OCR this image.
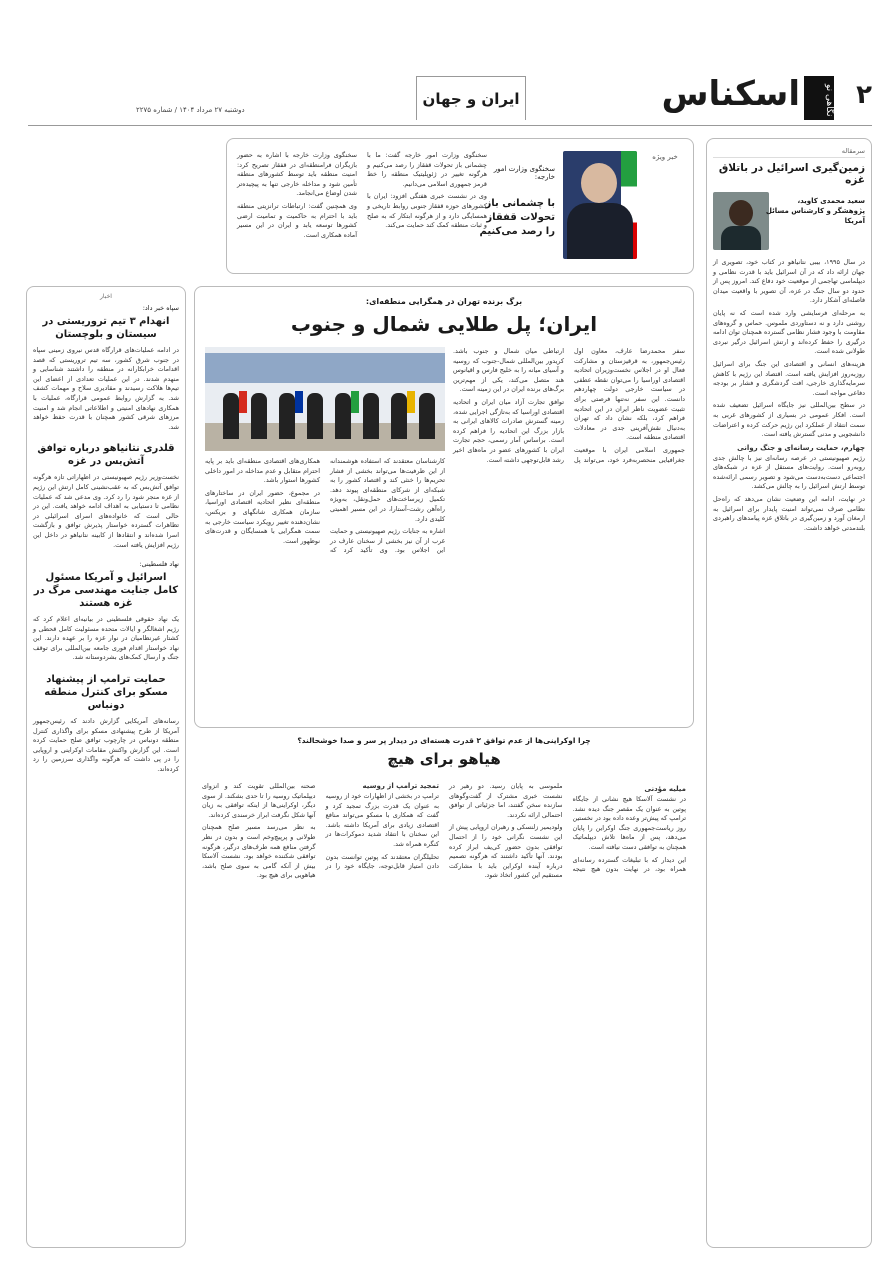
۲
نگاهی نو
اسکناس
ایران و جهان
دوشنبه ۲۷ مرداد ۱۴۰۴ / شماره ۲۲۷۵
سرمقاله
زمین‌گیری اسرائیل در باتلاق غزه
سعید محمدی کاوید، پژوهشگر و کارشناس مسائل آمریکا

در سال ۱۹۹۵، بیبی نتانیاهو در کتاب خود، تصویری از جهان ارائه داد که در آن اسرائیل باید با قدرت نظامی و دیپلماسی تهاجمی از موقعیت خود دفاع کند. امروز پس از حدود دو سال جنگ در غزه، آن تصویر با واقعیت میدان فاصله‌ای آشکار دارد.

به مرحله‌ای فرسایشی وارد شده است که نه پایان روشنی دارد و نه دستاوردی ملموس. حماس و گروه‌های مقاومت با وجود فشار نظامی گسترده همچنان توان ادامه درگیری را حفظ کرده‌اند و ارتش اسرائیل درگیر نبردی طولانی شده است.

هزینه‌های انسانی و اقتصادی این جنگ برای اسرائیل روزبه‌روز افزایش یافته است. اقتصاد این رژیم با کاهش سرمایه‌گذاری خارجی، افت گردشگری و فشار بر بودجه دفاعی مواجه است.

در سطح بین‌المللی نیز جایگاه اسرائیل تضعیف شده است. افکار عمومی در بسیاری از کشورهای غربی به سمت انتقاد از عملکرد این رژیم حرکت کرده و اعتراضات دانشجویی و مدنی گسترش یافته است.

چهارم، حمایت رسانه‌ای و جنگ روانی

رژیم صهیونیستی در عرصه رسانه‌ای نیز با چالش جدی روبه‌رو است. روایت‌های مستقل از غزه در شبکه‌های اجتماعی دست‌به‌دست می‌شود و تصویر رسمی ارائه‌شده توسط ارتش اسرائیل را به چالش می‌کشد.

در نهایت، ادامه این وضعیت نشان می‌دهد که راه‌حل نظامی صرف نمی‌تواند امنیت پایدار برای اسرائیل به ارمغان آورد و زمین‌گیری در باتلاق غزه پیامدهای راهبردی بلندمدتی خواهد داشت.

خبر ویژه
سخنگوی وزارت امور خارجه:
با چشمانی باز تحولات قفقاز را رصد می‌کنیم

سخنگوی وزارت امور خارجه گفت: ما با چشمانی باز تحولات قفقاز را رصد می‌کنیم و هرگونه تغییر در ژئوپلیتیک منطقه را خط قرمز جمهوری اسلامی می‌دانیم.

وی در نشست خبری هفتگی افزود: ایران با کشورهای حوزه قفقاز جنوبی روابط تاریخی و همسایگی دارد و از هرگونه ابتکار که به صلح و ثبات منطقه کمک کند حمایت می‌کند.

سخنگوی وزارت خارجه با اشاره به حضور بازیگران فرامنطقه‌ای در قفقاز تصریح کرد: امنیت منطقه باید توسط کشورهای منطقه تأمین شود و مداخله خارجی تنها به پیچیده‌تر شدن اوضاع می‌انجامد.

وی همچنین گفت: ارتباطات ترانزیتی منطقه باید با احترام به حاکمیت و تمامیت ارضی کشورها توسعه یابد و ایران در این مسیر آماده همکاری است.

اخبار
سپاه خبر داد:
انهدام ۳ تیم تروریستی در سیستان و بلوچستان
در ادامه عملیات‌های قرارگاه قدس نیروی زمینی سپاه در جنوب شرق کشور، سه تیم تروریستی که قصد اقدامات خرابکارانه در منطقه را داشتند شناسایی و منهدم شدند. در این عملیات تعدادی از اعضای این تیم‌ها هلاکت رسیدند و مقادیری سلاح و مهمات کشف شد. به گزارش روابط عمومی قرارگاه، عملیات با همکاری نهادهای امنیتی و اطلاعاتی انجام شد و امنیت مرزهای شرقی کشور همچنان با قدرت حفظ خواهد شد.
قلدری نتانیاهو درباره توافق آتش‌بس در غزه
نخست‌وزیر رژیم صهیونیستی در اظهاراتی تازه هرگونه توافق آتش‌بس که به عقب‌نشینی کامل ارتش این رژیم از غزه منجر شود را رد کرد. وی مدعی شد که عملیات نظامی تا دستیابی به اهداف ادامه خواهد یافت. این در حالی است که خانواده‌های اسرای اسرائیلی در تظاهرات گسترده خواستار پذیرش توافق و بازگشت اسرا شده‌اند و انتقادها از کابینه نتانیاهو در داخل این رژیم افزایش یافته است.
نهاد فلسطینی:
اسرائیل و آمریکا مسئول کامل جنایت مهندسی مرگ در غزه هستند
یک نهاد حقوقی فلسطینی در بیانیه‌ای اعلام کرد که رژیم اشغالگر و ایالات متحده مسئولیت کامل قحطی و کشتار غیرنظامیان در نوار غزه را بر عهده دارند. این نهاد خواستار اقدام فوری جامعه بین‌المللی برای توقف جنگ و ارسال کمک‌های بشردوستانه شد.
حمایت ترامپ از پیشنهاد مسکو برای کنترل منطقه دونباس
رسانه‌های آمریکایی گزارش دادند که رئیس‌جمهور آمریکا از طرح پیشنهادی مسکو برای واگذاری کنترل منطقه دونباس در چارچوب توافق صلح حمایت کرده است. این گزارش واکنش مقامات اوکراینی و اروپایی را در پی داشت که هرگونه واگذاری سرزمین را رد کرده‌اند.
برگ برنده تهران در همگرایی منطقه‌ای:
ایران؛ پل طلایی شمال و جنوب

کارشناسان معتقدند که استفاده هوشمندانه از این ظرفیت‌ها می‌تواند بخشی از فشار تحریم‌ها را خنثی کند و اقتصاد کشور را به شبکه‌ای از شرکای منطقه‌ای پیوند دهد. تکمیل زیرساخت‌های حمل‌ونقل، به‌ویژه راه‌آهن رشت‑آستارا، در این مسیر اهمیتی کلیدی دارد.

اشاره به جنایات رژیم صهیونیستی و حمایت غرب از آن نیز بخشی از سخنان عارف در این اجلاس بود. وی تأکید کرد که همکاری‌های اقتصادی منطقه‌ای باید بر پایه احترام متقابل و عدم مداخله در امور داخلی کشورها استوار باشد.

در مجموع، حضور ایران در ساختارهای منطقه‌ای نظیر اتحادیه اقتصادی اوراسیا، سازمان همکاری شانگهای و بریکس، نشان‌دهنده تغییر رویکرد سیاست خارجی به سمت همگرایی با همسایگان و قدرت‌های نوظهور است.

سفر محمدرضا عارف، معاون اول رئیس‌جمهور، به قرقیزستان و مشارکت فعال او در اجلاس نخست‌وزیران اتحادیه اقتصادی اوراسیا را می‌توان نقطه عطفی در سیاست خارجی دولت چهاردهم دانست. این سفر نه‌تنها فرصتی برای تثبیت عضویت ناظر ایران در این اتحادیه فراهم کرد، بلکه نشان داد که تهران به‌دنبال نقش‌آفرینی جدی در معادلات اقتصادی منطقه است.

جمهوری اسلامی ایران با موقعیت جغرافیایی منحصربه‌فرد خود، می‌تواند پل ارتباطی میان شمال و جنوب باشد. کریدور بین‌المللی شمال‑جنوب که روسیه و آسیای میانه را به خلیج فارس و اقیانوس هند متصل می‌کند، یکی از مهم‌ترین برگ‌های برنده ایران در این زمینه است.

توافق تجارت آزاد میان ایران و اتحادیه اقتصادی اوراسیا که به‌تازگی اجرایی شده، زمینه گسترش صادرات کالاهای ایرانی به بازار بزرگ این اتحادیه را فراهم کرده است. براساس آمار رسمی، حجم تجارت ایران با کشورهای عضو در ماه‌های اخیر رشد قابل‌توجهی داشته است.

چرا اوکراینی‌ها از عدم توافق ۲ قدرت هسته‌ای در دیدار پر سر و صدا خوشحالند؟
هیاهو برای هیچ
میلیه مؤدنی

در نشست آلاسکا هیچ نشانی از جایگاه پوتین به عنوان یک مقصر جنگ دیده نشد. ترامپ که پیش‌تر وعده داده بود در نخستین روز ریاست‌جمهوری جنگ اوکراین را پایان می‌دهد، پس از ماه‌ها تلاش دیپلماتیک همچنان به توافقی دست نیافته است.

این دیدار که با تبلیغات گسترده رسانه‌ای همراه بود، در نهایت بدون هیچ نتیجه ملموسی به پایان رسید. دو رهبر در نشست خبری مشترک از گفت‌وگوهای سازنده سخن گفتند، اما جزئیاتی از توافق احتمالی ارائه نکردند.

ولودیمیر زلنسکی و رهبران اروپایی پیش از این نشست نگرانی خود را از احتمال توافقی بدون حضور کی‌یف ابراز کرده بودند. آنها تأکید داشتند که هرگونه تصمیم درباره آینده اوکراین باید با مشارکت مستقیم این کشور اتخاذ شود.

تمجید ترامپ از روسیه

ترامپ در بخشی از اظهارات خود از روسیه به عنوان یک قدرت بزرگ تمجید کرد و گفت که همکاری با مسکو می‌تواند منافع اقتصادی زیادی برای آمریکا داشته باشد. این سخنان با انتقاد شدید دموکرات‌ها در کنگره همراه شد.

تحلیلگران معتقدند که پوتین توانست بدون دادن امتیاز قابل‌توجه، جایگاه خود را در صحنه بین‌المللی تقویت کند و انزوای دیپلماتیک روسیه را تا حدی بشکند. از سوی دیگر، اوکراینی‌ها از اینکه توافقی به زیان آنها شکل نگرفت ابراز خرسندی کرده‌اند.

به نظر می‌رسد مسیر صلح همچنان طولانی و پرپیچ‌وخم است و بدون در نظر گرفتن منافع همه طرف‌های درگیر، هرگونه توافقی شکننده خواهد بود. نشست آلاسکا بیش از آنکه گامی به سوی صلح باشد، هیاهویی برای هیچ بود.
